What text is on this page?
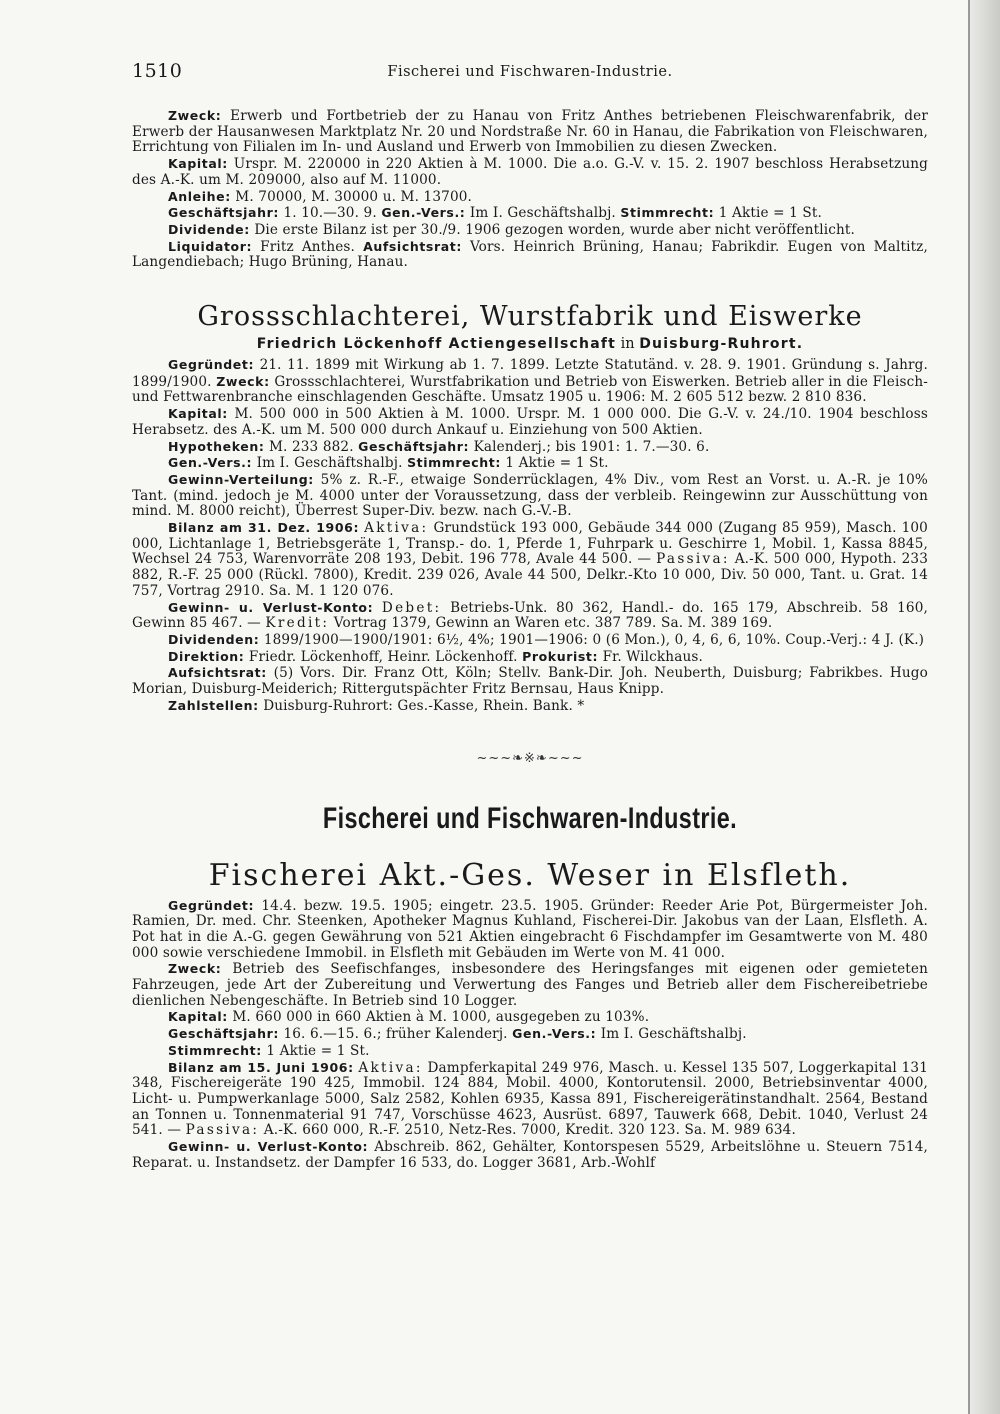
1510	Fischerei und Fischwaren-Industrie.

Zweck: Erwerb und Fortbetrieb der zu Hanau von Fritz Anthes betriebenen Fleischwarenfabrik, der Erwerb der Hausanwesen Marktplatz Nr. 20 und Nordstraße Nr. 60 in Hanau, die Fabrikation von Fleischwaren, Errichtung von Filialen im In- und Ausland und Erwerb von Immobilien zu diesen Zwecken.

Kapital: Urspr. M. 220000 in 220 Aktien à M. 1000. Die a.o. G.-V. v. 15. 2. 1907 beschloss Herabsetzung des A.-K. um M. 209000, also auf M. 11000.

Anleihe: M. 70000, M. 30000 u. M. 13700.

Geschäftsjahr: 1. 10.—30. 9. Gen.-Vers.: Im I. Geschäftshalbj. Stimmrecht: 1 Aktie = 1 St.

Dividende: Die erste Bilanz ist per 30./9. 1906 gezogen worden, wurde aber nicht veröffentlicht.

Liquidator: Fritz Anthes. Aufsichtsrat: Vors. Heinrich Brüning, Hanau; Fabrikdir. Eugen von Maltitz, Langendiebach; Hugo Brüning, Hanau.

Grossschlachterei, Wurstfabrik und Eiswerke
Friedrich Löckenhoff Actiengesellschaft in Duisburg-Ruhrort.

Gegründet: 21. 11. 1899 mit Wirkung ab 1. 7. 1899. Letzte Statutänd. v. 28. 9. 1901. Gründung s. Jahrg. 1899/1900. Zweck: Grossschlachterei, Wurstfabrikation und Betrieb von Eiswerken. Betrieb aller in die Fleisch- und Fettwarenbranche einschlagenden Geschäfte. Umsatz 1905 u. 1906: M. 2 605 512 bezw. 2 810 836.

Kapital: M. 500 000 in 500 Aktien à M. 1000. Urspr. M. 1 000 000. Die G.-V. v. 24./10. 1904 beschloss Herabsetz. des A.-K. um M. 500 000 durch Ankauf u. Einziehung von 500 Aktien.

Hypotheken: M. 233 882. Geschäftsjahr: Kalenderj.; bis 1901: 1. 7.—30. 6.

Gen.-Vers.: Im I. Geschäftshalbj. Stimmrecht: 1 Aktie = 1 St.

Gewinn-Verteilung: 5% z. R.-F., etwaige Sonderrücklagen, 4% Div., vom Rest an Vorst. u. A.-R. je 10% Tant. (mind. jedoch je M. 4000 unter der Voraussetzung, dass der verbleib. Reingewinn zur Ausschüttung von mind. M. 8000 reicht), Überrest Super-Div. bezw. nach G.-V.-B.

Bilanz am 31. Dez. 1906: Aktiva: Grundstück 193 000, Gebäude 344 000 (Zugang 85 959), Masch. 100 000, Lichtanlage 1, Betriebsgeräte 1, Transp.- do. 1, Pferde 1, Fuhrpark u. Geschirre 1, Mobil. 1, Kassa 8845, Wechsel 24 753, Warenvorräte 208 193, Debit. 196 778, Avale 44 500. — Passiva: A.-K. 500 000, Hypoth. 233 882, R.-F. 25 000 (Rückl. 7800), Kredit. 239 026, Avale 44 500, Delkr.-Kto 10 000, Div. 50 000, Tant. u. Grat. 14 757, Vortrag 2910. Sa. M. 1 120 076.

Gewinn- u. Verlust-Konto: Debet: Betriebs-Unk. 80 362, Handl.- do. 165 179, Abschreib. 58 160, Gewinn 85 467. — Kredit: Vortrag 1379, Gewinn an Waren etc. 387 789. Sa. M. 389 169.

Dividenden: 1899/1900—1900/1901: 6½, 4%; 1901—1906: 0 (6 Mon.), 0, 4, 6, 6, 10%. Coup.-Verj.: 4 J. (K.)

Direktion: Friedr. Löckenhoff, Heinr. Löckenhoff. Prokurist: Fr. Wilckhaus.

Aufsichtsrat: (5) Vors. Dir. Franz Ott, Köln; Stellv. Bank-Dir. Joh. Neuberth, Duisburg; Fabrikbes. Hugo Morian, Duisburg-Meiderich; Rittergutspächter Fritz Bernsau, Haus Knipp.

Zahlstellen: Duisburg-Ruhrort: Ges.-Kasse, Rhein. Bank. *

~~~❧※❧~~~
Fischerei und Fischwaren-Industrie.
Fischerei Akt.-Ges. Weser in Elsfleth.

Gegründet: 14.4. bezw. 19.5. 1905; eingetr. 23.5. 1905. Gründer: Reeder Arie Pot, Bürgermeister Joh. Ramien, Dr. med. Chr. Steenken, Apotheker Magnus Kuhland, Fischerei-Dir. Jakobus van der Laan, Elsfleth. A. Pot hat in die A.-G. gegen Gewährung von 521 Aktien eingebracht 6 Fischdampfer im Gesamtwerte von M. 480 000 sowie verschiedene Immobil. in Elsfleth mit Gebäuden im Werte von M. 41 000.

Zweck: Betrieb des Seefischfanges, insbesondere des Heringsfanges mit eigenen oder gemieteten Fahrzeugen, jede Art der Zubereitung und Verwertung des Fanges und Betrieb aller dem Fischereibetriebe dienlichen Nebengeschäfte. In Betrieb sind 10 Logger.

Kapital: M. 660 000 in 660 Aktien à M. 1000, ausgegeben zu 103%.

Geschäftsjahr: 16. 6.—15. 6.; früher Kalenderj. Gen.-Vers.: Im I. Geschäftshalbj.

Stimmrecht: 1 Aktie = 1 St.

Bilanz am 15. Juni 1906: Aktiva: Dampferkapital 249 976, Masch. u. Kessel 135 507, Loggerkapital 131 348, Fischereigeräte 190 425, Immobil. 124 884, Mobil. 4000, Kontorutensil. 2000, Betriebsinventar 4000, Licht- u. Pumpwerkanlage 5000, Salz 2582, Kohlen 6935, Kassa 891, Fischereigerätinstandhalt. 2564, Bestand an Tonnen u. Tonnenmaterial 91 747, Vorschüsse 4623, Ausrüst. 6897, Tauwerk 668, Debit. 1040, Verlust 24 541. — Passiva: A.-K. 660 000, R.-F. 2510, Netz-Res. 7000, Kredit. 320 123. Sa. M. 989 634.

Gewinn- u. Verlust-Konto: Abschreib. 862, Gehälter, Kontorspesen 5529, Arbeitslöhne u. Steuern 7514, Reparat. u. Instandsetz. der Dampfer 16 533, do. Logger 3681, Arb.-Wohlf
